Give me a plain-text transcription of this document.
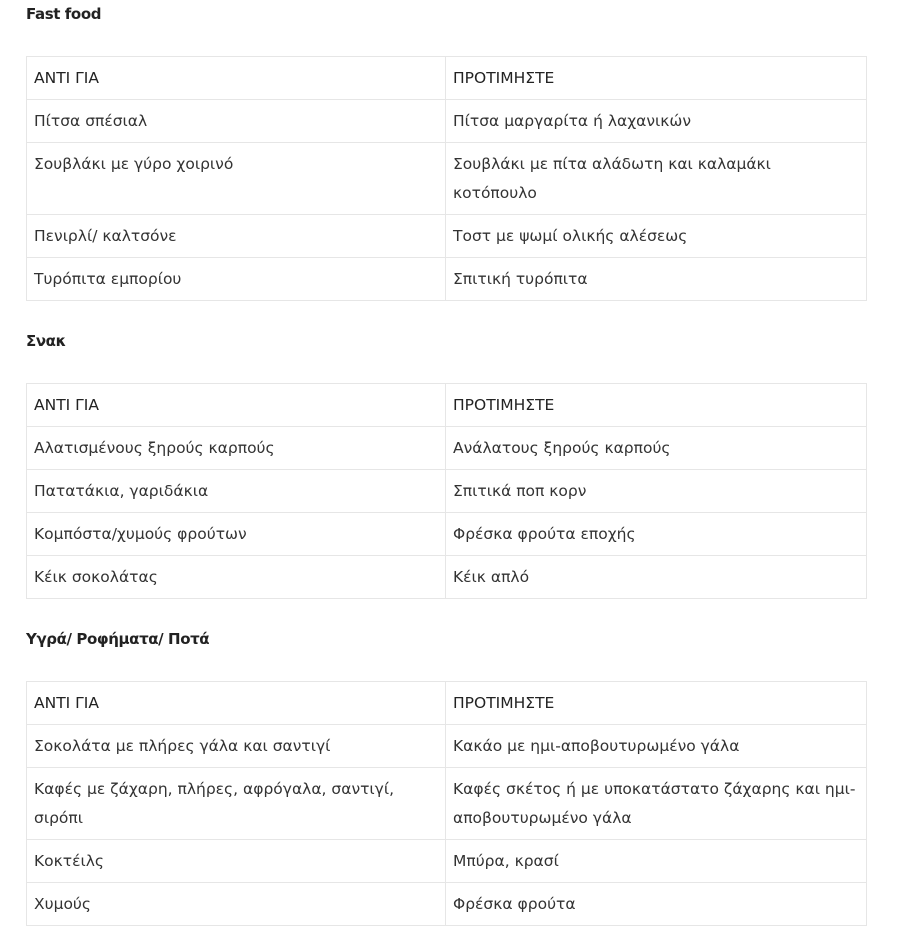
Fast food
ΑΝΤΙ ΓΙΑ	ΠΡΟΤΙΜΗΣΤΕ
Πίτσα σπέσιαλ	Πίτσα μαργαρίτα ή λαχανικών
Σουβλάκι με γύρο χοιρινό	Σουβλάκι με πίτα αλάδωτη και καλαμάκι κοτόπουλο
Πενιρλί/ καλτσόνε	Τοστ με ψωμί ολικής αλέσεως
Τυρόπιτα εμπορίου	Σπιτική τυρόπιτα
Σνακ
ΑΝΤΙ ΓΙΑ	ΠΡΟΤΙΜΗΣΤΕ
Αλατισμένους ξηρούς καρπούς	Ανάλατους ξηρούς καρπούς
Πατατάκια, γαριδάκια	Σπιτικά ποπ κορν
Κομπόστα/χυμούς φρούτων	Φρέσκα φρούτα εποχής
Κέικ σοκολάτας	Κέικ απλό
Υγρά/ Ροφήματα/ Ποτά
ΑΝΤΙ ΓΙΑ	ΠΡΟΤΙΜΗΣΤΕ
Σοκολάτα με πλήρες γάλα και σαντιγί	Κακάο με ημι-αποβουτυρωμένο γάλα
Καφές με ζάχαρη, πλήρες, αφρόγαλα, σαντιγί, σιρόπι	Καφές σκέτος ή με υποκατάστατο ζάχαρης και ημι-αποβουτυρωμένο γάλα
Κοκτέιλς	Μπύρα, κρασί
Χυμούς	Φρέσκα φρούτα
